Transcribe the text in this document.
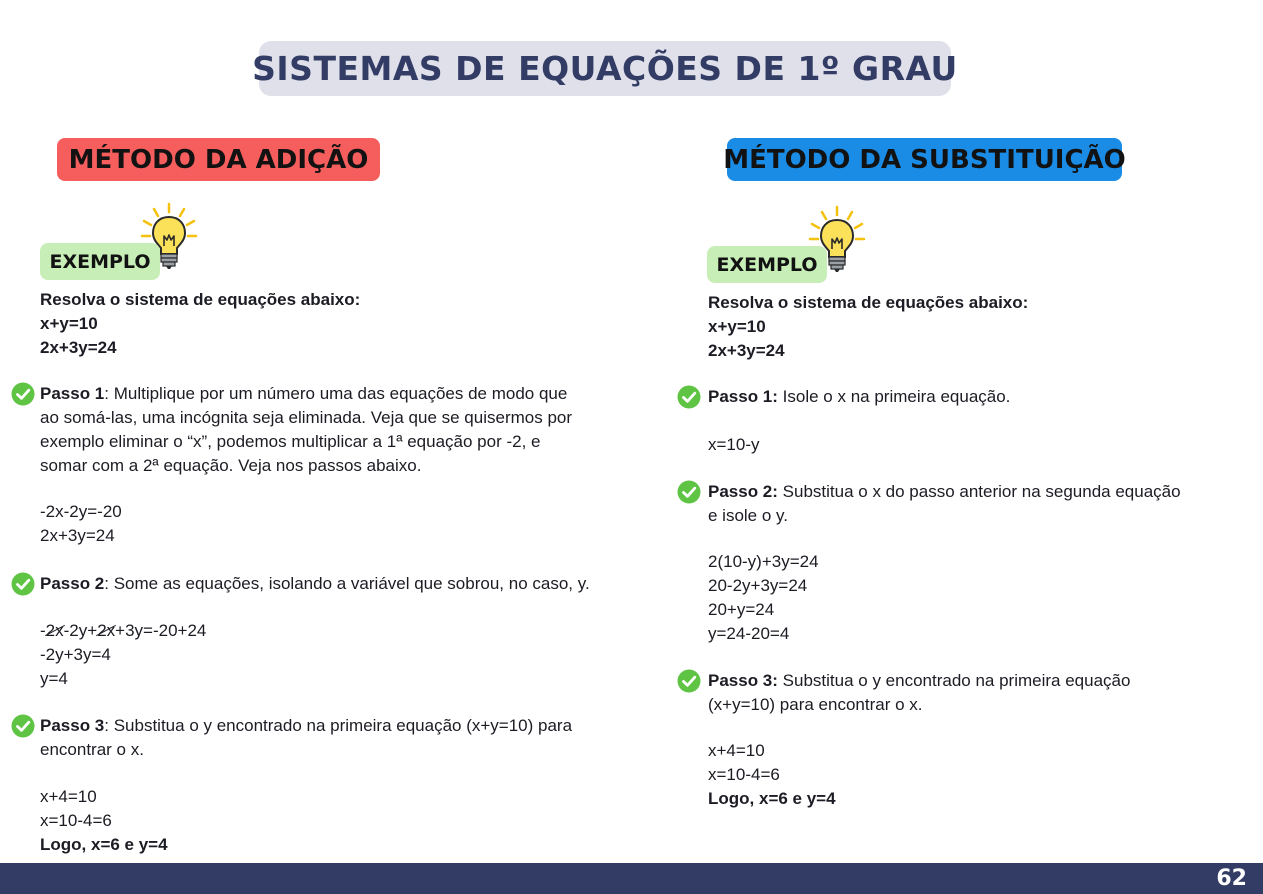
SISTEMAS DE EQUAÇÕES DE 1º GRAU
MÉTODO DA ADIÇÃO
EXEMPLO
Resolva o sistema de equações abaixo:
x+y=10
2x+3y=24
Passo 1: Multiplique por um número uma das equações de modo que
ao somá-las, uma incógnita seja eliminada. Veja que se quisermos por
exemplo eliminar o “x”, podemos multiplicar a 1ª equação por -2, e
somar com a 2ª equação. Veja nos passos abaixo.
-2x-2y=-20
2x+3y=24
Passo 2: Some as equações, isolando a variável que sobrou, no caso, y.
-2x-2y+2x+3y=-20+24
-2y+3y=4
y=4
Passo 3: Substitua o y encontrado na primeira equação (x+y=10) para
encontrar o x.
x+4=10
x=10-4=6
Logo, x=6 e y=4
MÉTODO DA SUBSTITUIÇÃO
EXEMPLO
Resolva o sistema de equações abaixo:
x+y=10
2x+3y=24
Passo 1: Isole o x na primeira equação.
x=10-y
Passo 2: Substitua o x do passo anterior na segunda equação
e isole o y.
2(10-y)+3y=24
20-2y+3y=24
20+y=24
y=24-20=4
Passo 3: Substitua o y encontrado na primeira equação
(x+y=10) para encontrar o x.
x+4=10
x=10-4=6
Logo, x=6 e y=4
62
